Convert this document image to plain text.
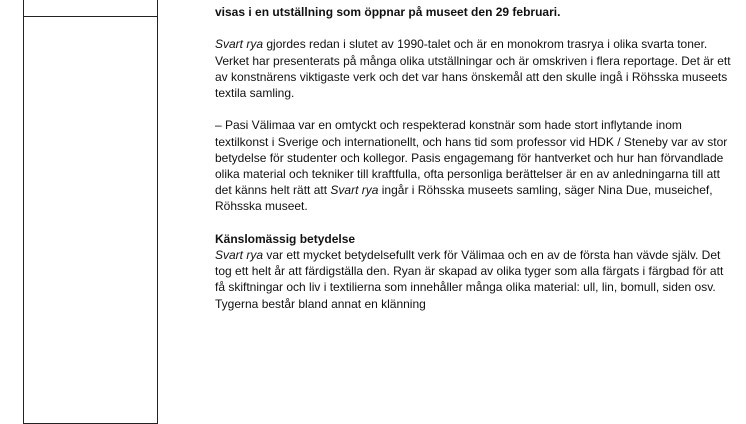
visas i en utställning som öppnar på museet den 29 februari.

Svart rya gjordes redan i slutet av 1990-talet och är en monokrom trasrya i olika svarta toner. Verket har presenterats på många olika utställningar och är omskriven i flera reportage. Det är ett av konstnärens viktigaste verk och det var hans önskemål att den skulle ingå i Röhsska museets textila samling.

– Pasi Välimaa var en omtyckt och respekterad konstnär som hade stort inflytande inom textilkonst i Sverige och internationellt, och hans tid som professor vid HDK / Steneby var av stor betydelse för studenter och kollegor. Pasis engagemang för hantverket och hur han förvandlade olika material och tekniker till kraftfulla, ofta personliga berättelser är en av anledningarna till att det känns helt rätt att Svart rya ingår i Röhsska museets samling, säger Nina Due, museichef, Röhsska museet.

Känslomässig betydelse

Svart rya var ett mycket betydelsefullt verk för Välimaa och en av de första han vävde själv. Det tog ett helt år att färdigställa den. Ryan är skapad av olika tyger som alla färgats i färgbad för att få skiftningar och liv i textilierna som innehåller många olika material: ull, lin, bomull, siden osv. Tygerna består bland annat en klänning
